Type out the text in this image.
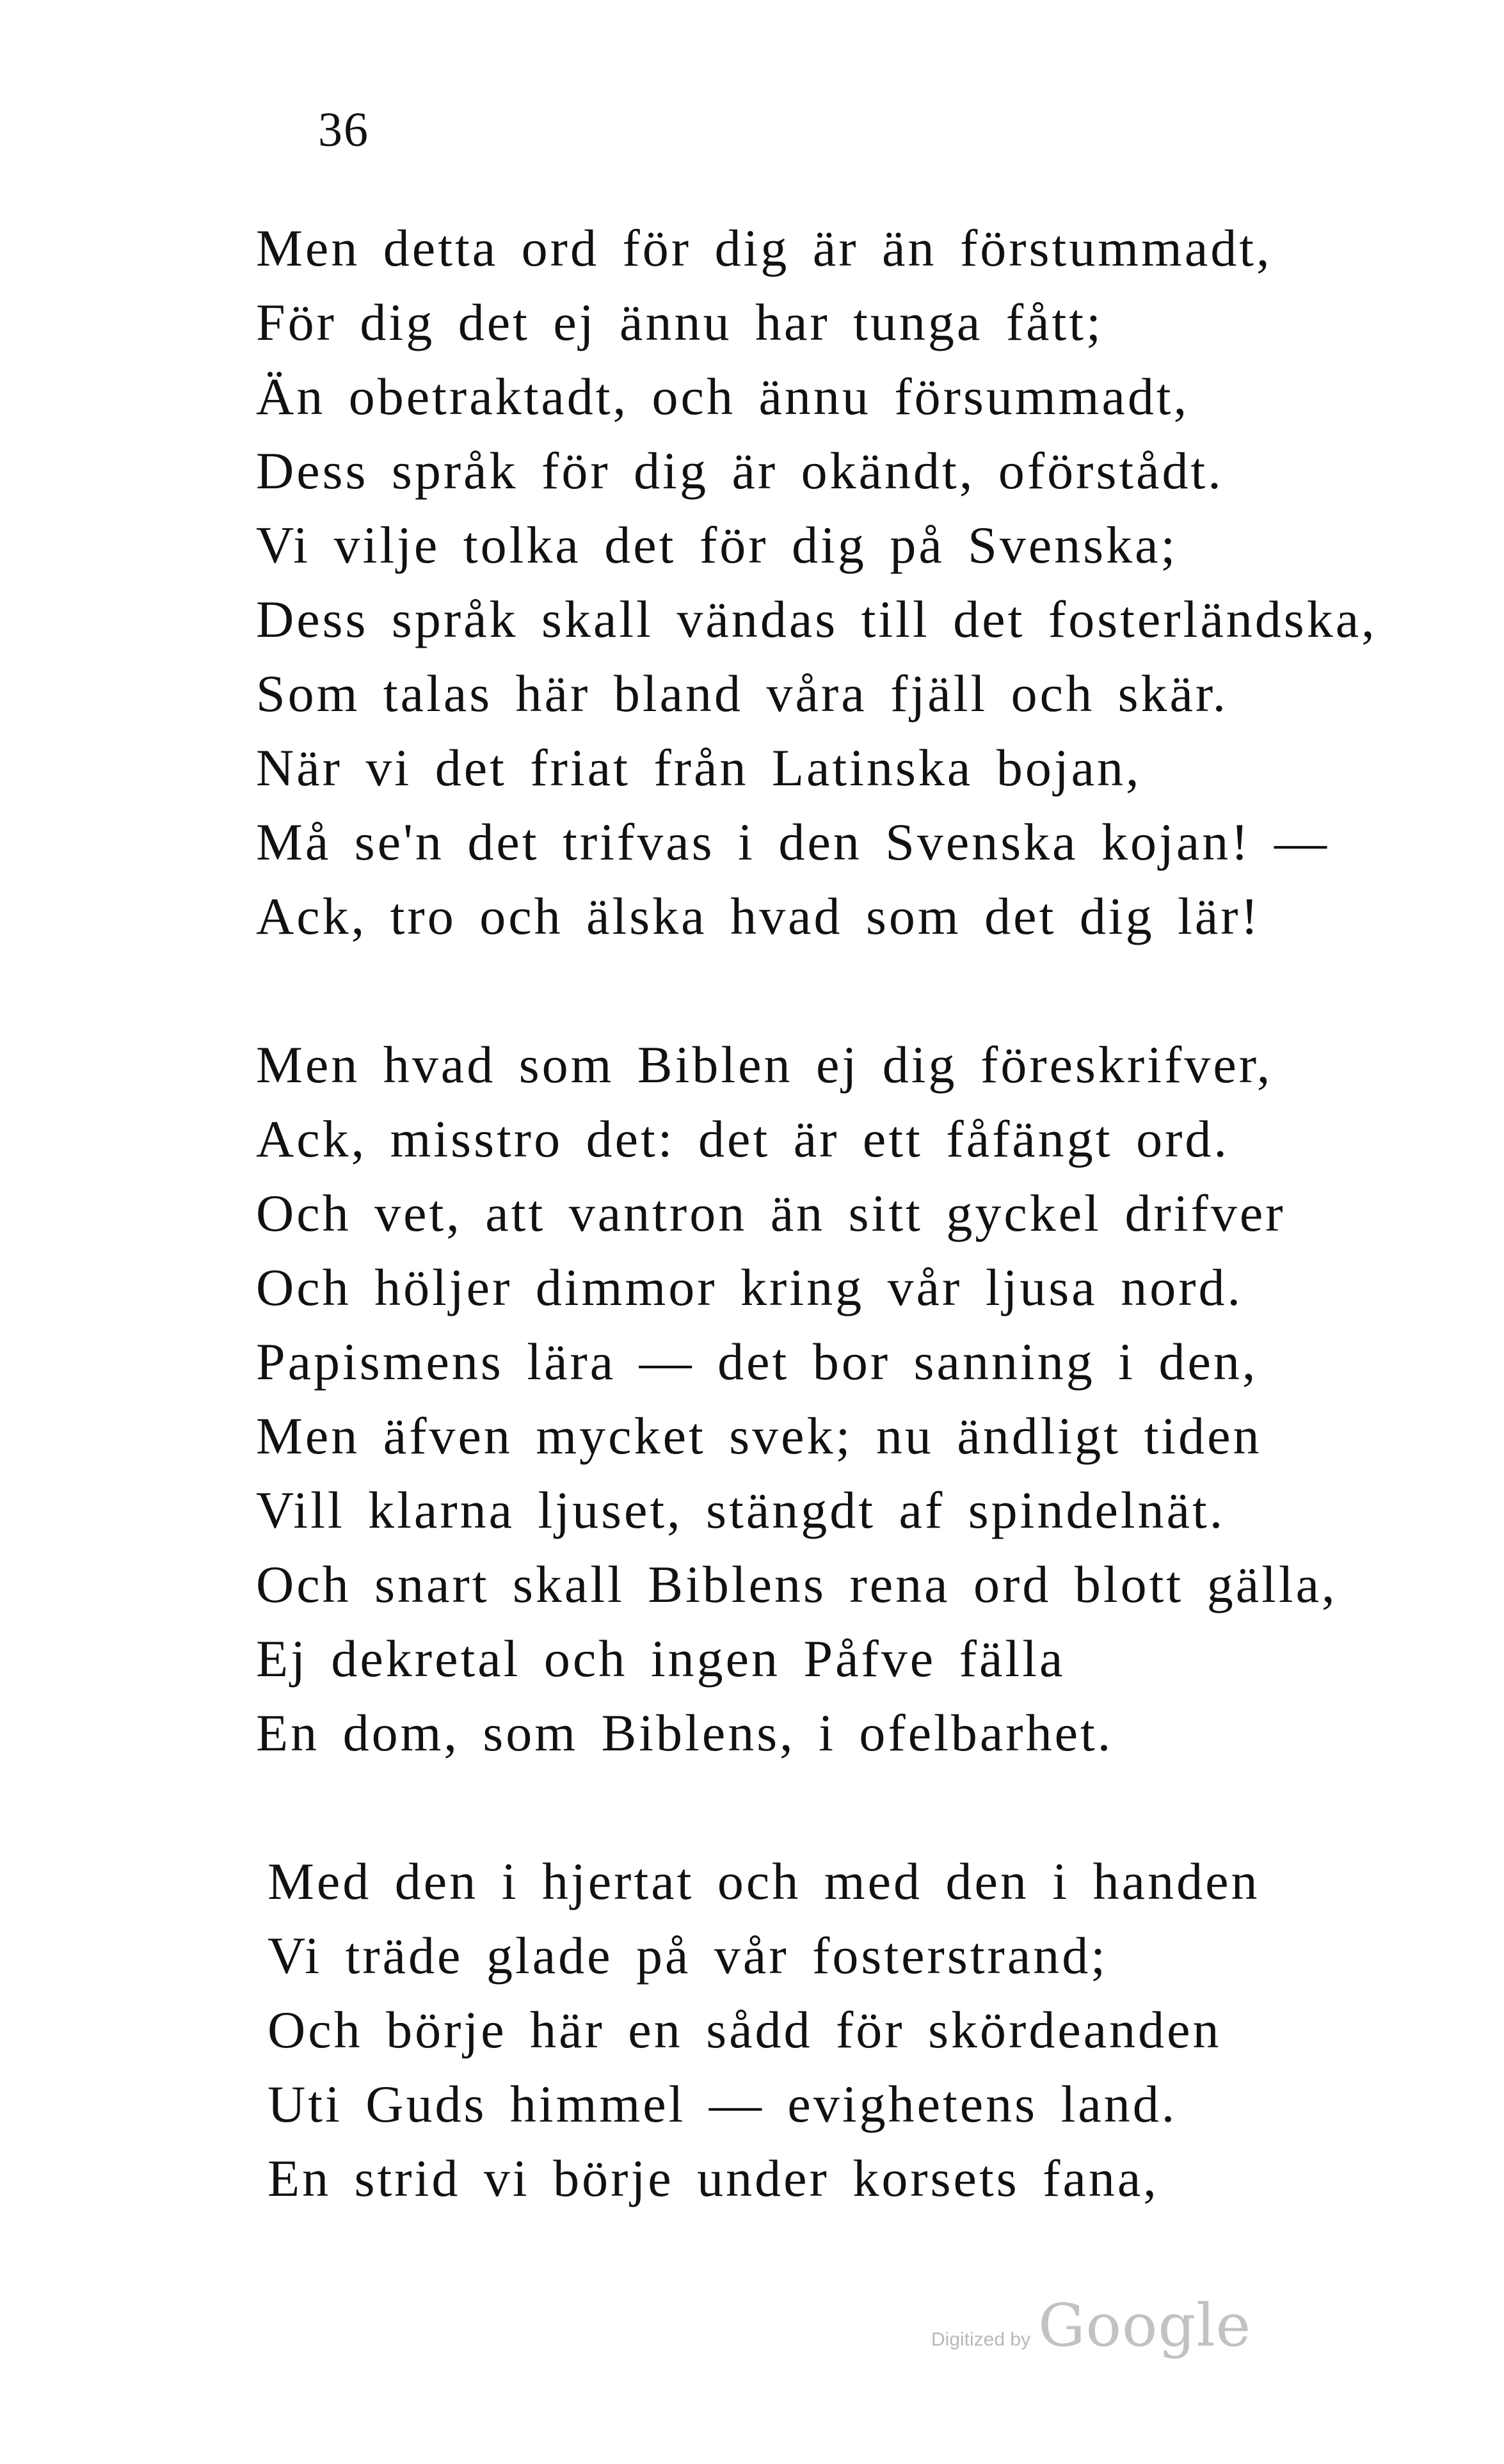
36
Men detta ord för dig är än förstummadt,
För dig det ej ännu har tunga fått;
Än obetraktadt, och ännu försummadt,
Dess språk för dig är okändt, oförstådt.
Vi vilje tolka det för dig på Svenska;
Dess språk skall vändas till det fosterländska,
Som talas här bland våra fjäll och skär.
När vi det friat från Latinska bojan,
Må se'n det trifvas i den Svenska kojan! —
Ack, tro och älska hvad som det dig lär!
Men hvad som Biblen ej dig föreskrifver,
Ack, misstro det: det är ett fåfängt ord.
Och vet, att vantron än sitt gyckel drifver
Och höljer dimmor kring vår ljusa nord.
Papismens lära — det bor sanning i den,
Men äfven mycket svek; nu ändligt tiden
Vill klarna ljuset, stängdt af spindelnät.
Och snart skall Biblens rena ord blott gälla,
Ej dekretal och ingen Påfve fälla
En dom, som Biblens, i ofelbarhet.
Med den i hjertat och med den i handen
Vi träde glade på vår fosterstrand;
Och börje här en sådd för skördeanden
Uti Guds himmel — evighetens land.
En strid vi börje under korsets fana,
Digitized by Google
